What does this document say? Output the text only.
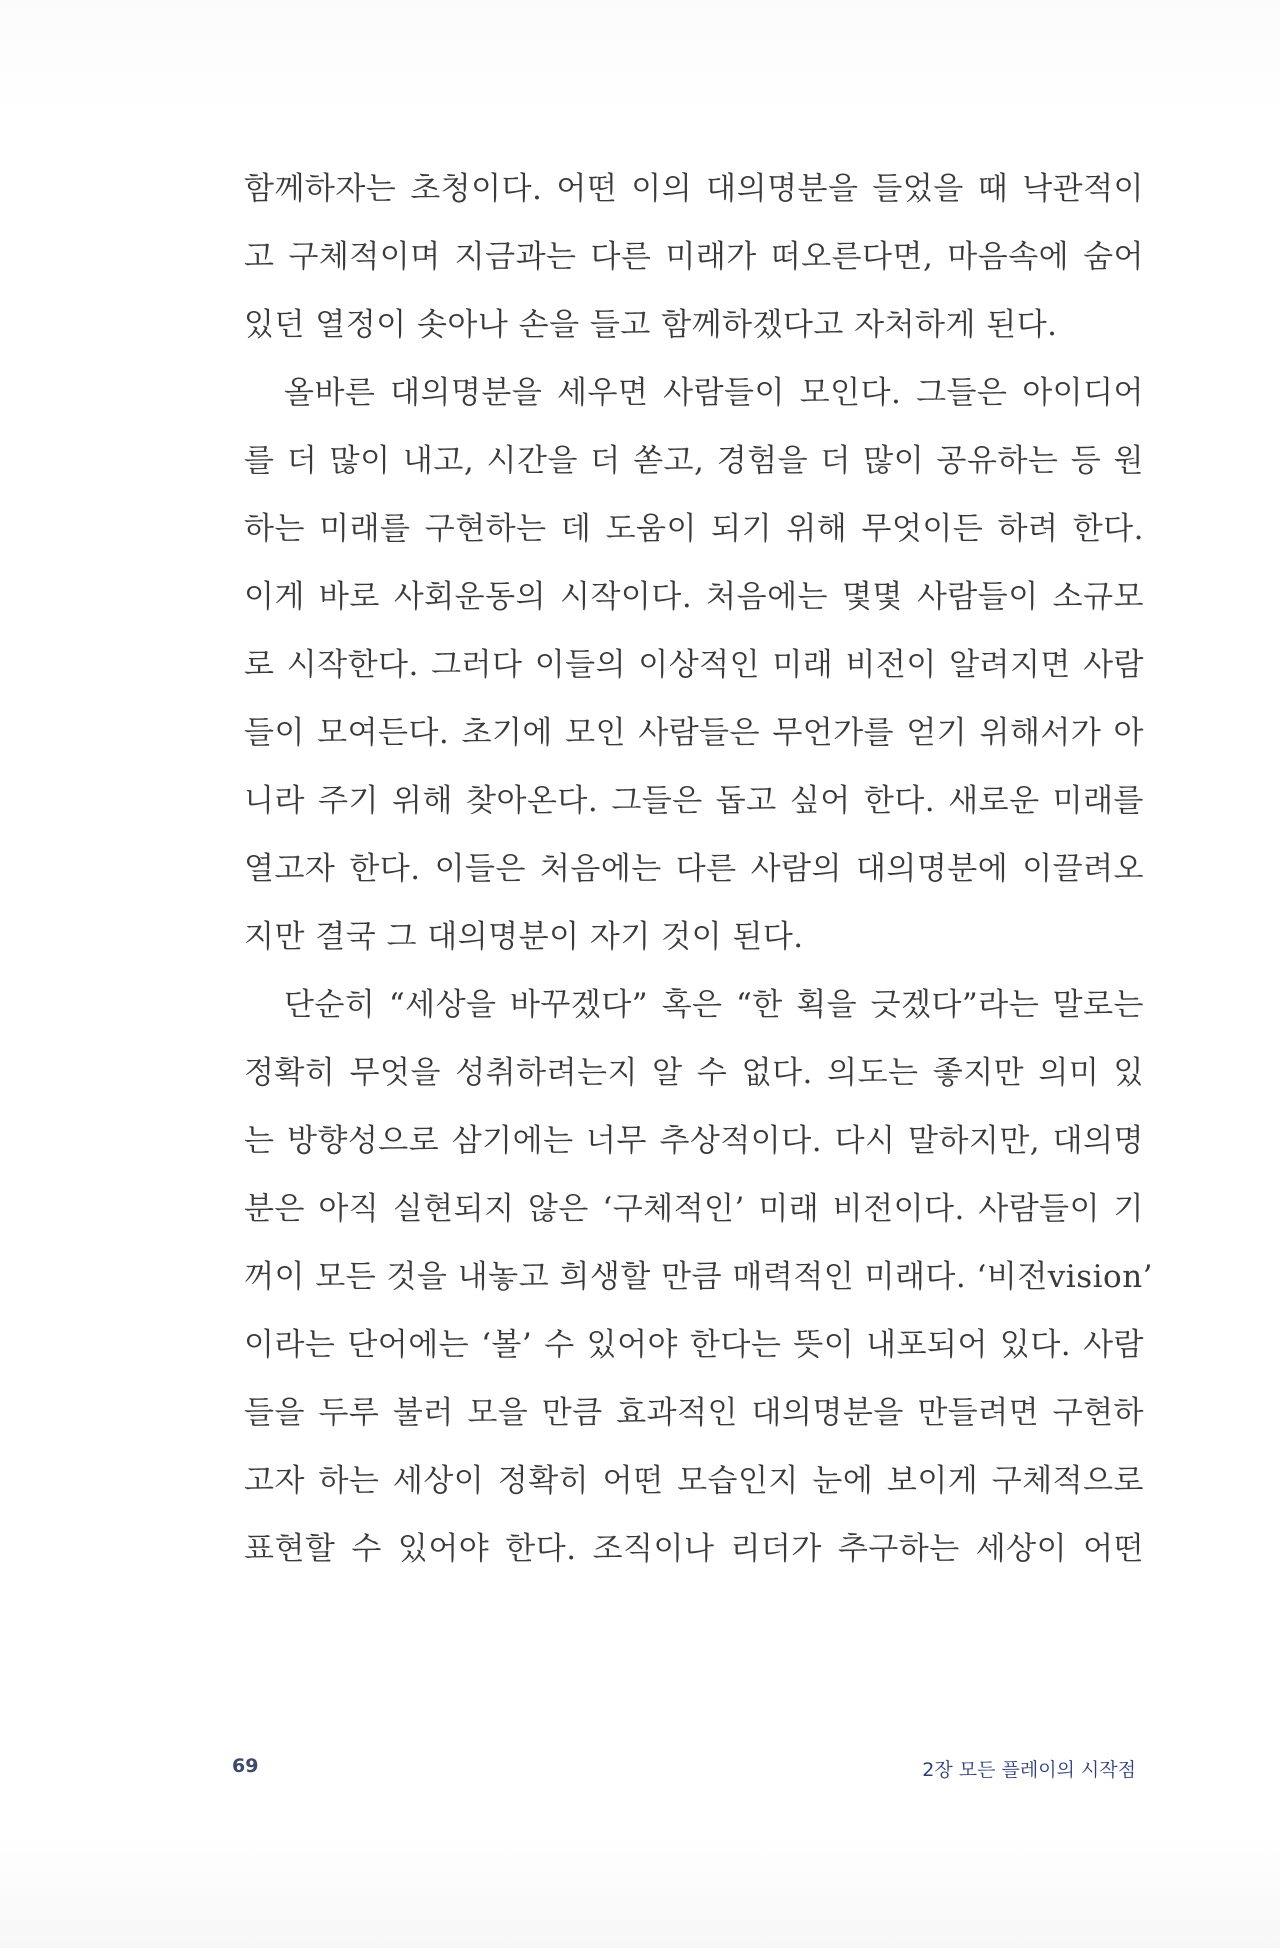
함께하자는 초청이다. 어떤 이의 대의명분을 들었을 때 낙관적이
고 구체적이며 지금과는 다른 미래가 떠오른다면, 마음속에 숨어
있던 열정이 솟아나 손을 들고 함께하겠다고 자처하게 된다.
올바른 대의명분을 세우면 사람들이 모인다. 그들은 아이디어
를 더 많이 내고, 시간을 더 쏟고, 경험을 더 많이 공유하는 등 원
하는 미래를 구현하는 데 도움이 되기 위해 무엇이든 하려 한다.
이게 바로 사회운동의 시작이다. 처음에는 몇몇 사람들이 소규모
로 시작한다. 그러다 이들의 이상적인 미래 비전이 알려지면 사람
들이 모여든다. 초기에 모인 사람들은 무언가를 얻기 위해서가 아
니라 주기 위해 찾아온다. 그들은 돕고 싶어 한다. 새로운 미래를
열고자 한다. 이들은 처음에는 다른 사람의 대의명분에 이끌려오
지만 결국 그 대의명분이 자기 것이 된다.
단순히 “세상을 바꾸겠다” 혹은 “한 획을 긋겠다”라는 말로는
정확히 무엇을 성취하려는지 알 수 없다. 의도는 좋지만 의미 있
는 방향성으로 삼기에는 너무 추상적이다. 다시 말하지만, 대의명
분은 아직 실현되지 않은 ‘구체적인’ 미래 비전이다. 사람들이 기
꺼이 모든 것을 내놓고 희생할 만큼 매력적인 미래다. ‘비전vision’
이라는 단어에는 ‘볼’ 수 있어야 한다는 뜻이 내포되어 있다. 사람
들을 두루 불러 모을 만큼 효과적인 대의명분을 만들려면 구현하
고자 하는 세상이 정확히 어떤 모습인지 눈에 보이게 구체적으로
표현할 수 있어야 한다. 조직이나 리더가 추구하는 세상이 어떤
69	2장 모든 플레이의 시작점
